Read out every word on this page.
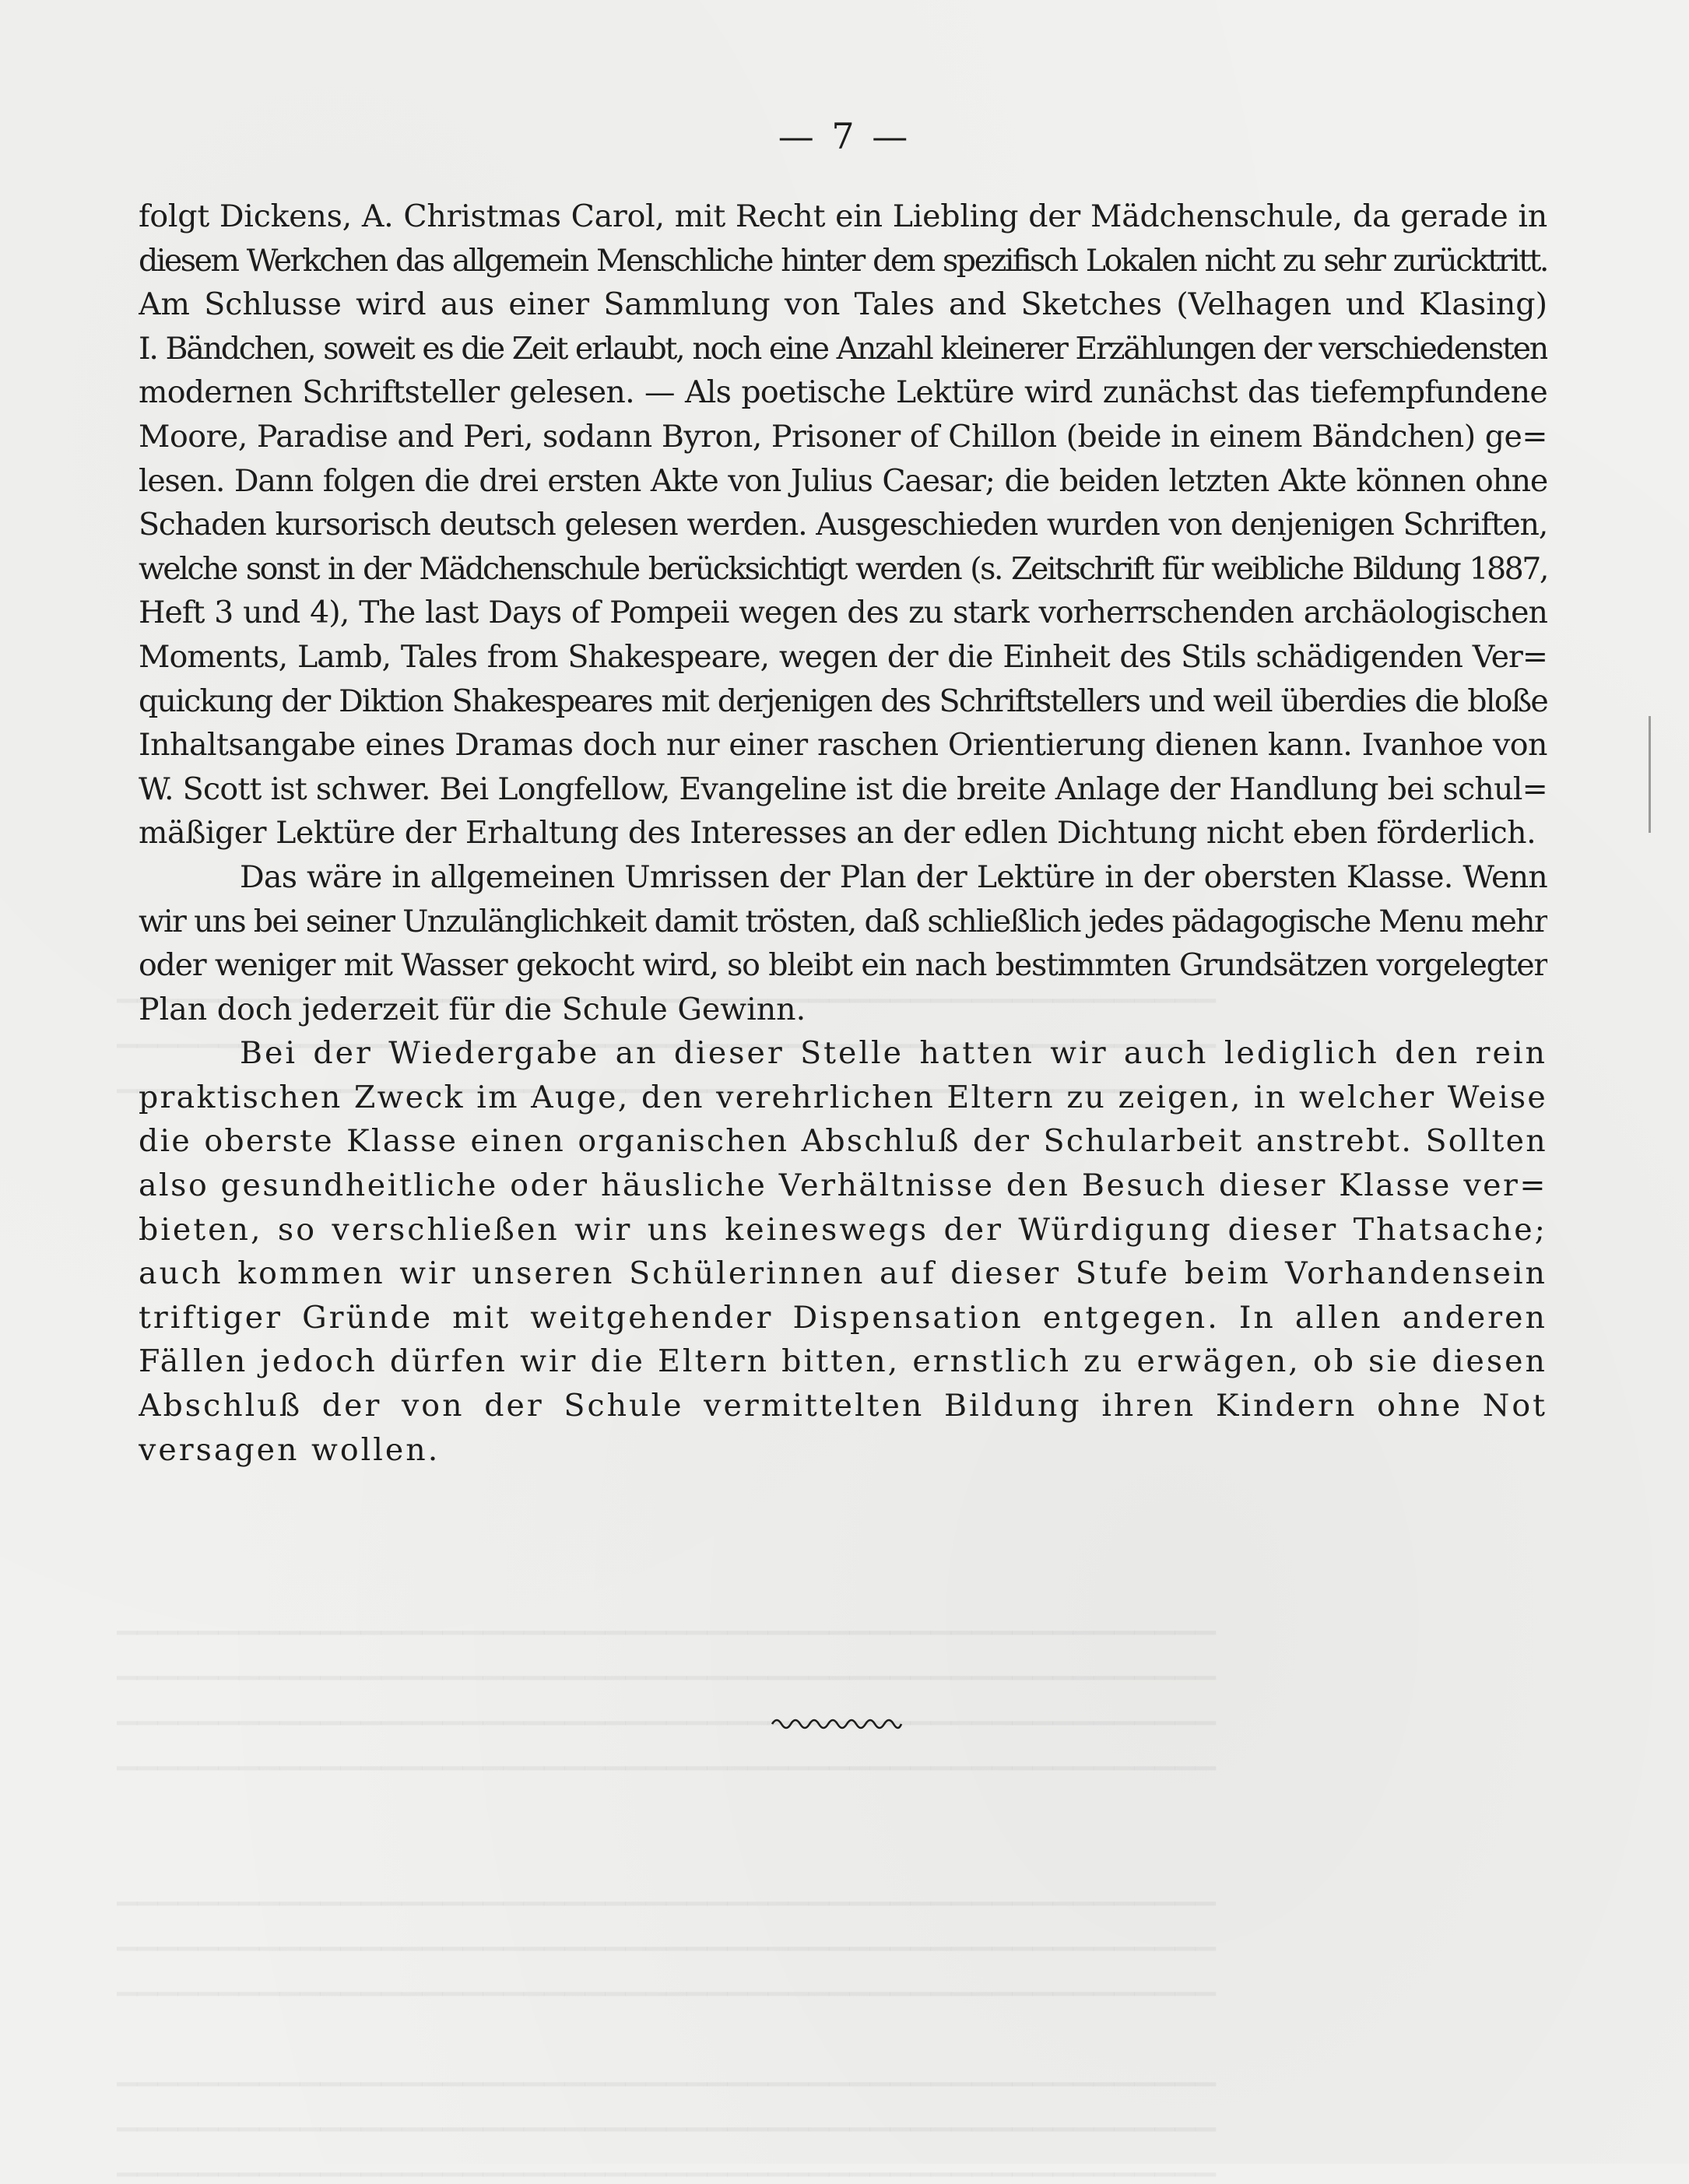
— 7 —
folgt Dickens, A. Christmas Carol, mit Recht ein Liebling der Mädchenschule, da gerade in
diesem Werkchen das allgemein Menschliche hinter dem spezifisch Lokalen nicht zu sehr zurücktritt.
Am Schlusse wird aus einer Sammlung von Tales and Sketches (Velhagen und Klasing)
I. Bändchen, soweit es die Zeit erlaubt, noch eine Anzahl kleinerer Erzählungen der verschiedensten
modernen Schriftsteller gelesen. — Als poetische Lektüre wird zunächst das tiefempfundene
Moore, Paradise and Peri, sodann Byron, Prisoner of Chillon (beide in einem Bändchen) ge=
lesen. Dann folgen die drei ersten Akte von Julius Caesar; die beiden letzten Akte können ohne
Schaden kursorisch deutsch gelesen werden. Ausgeschieden wurden von denjenigen Schriften,
welche sonst in der Mädchenschule berücksichtigt werden (s. Zeitschrift für weibliche Bildung 1887,
Heft 3 und 4), The last Days of Pompeii wegen des zu stark vorherrschenden archäologischen
Moments, Lamb, Tales from Shakespeare, wegen der die Einheit des Stils schädigenden Ver=
quickung der Diktion Shakespeares mit derjenigen des Schriftstellers und weil überdies die bloße
Inhaltsangabe eines Dramas doch nur einer raschen Orientierung dienen kann. Ivanhoe von
W. Scott ist schwer. Bei Longfellow, Evangeline ist die breite Anlage der Handlung bei schul=
mäßiger Lektüre der Erhaltung des Interesses an der edlen Dichtung nicht eben förderlich.
Das wäre in allgemeinen Umrissen der Plan der Lektüre in der obersten Klasse. Wenn
wir uns bei seiner Unzulänglichkeit damit trösten, daß schließlich jedes pädagogische Menu mehr
oder weniger mit Wasser gekocht wird, so bleibt ein nach bestimmten Grundsätzen vorgelegter
Plan doch jederzeit für die Schule Gewinn.
Bei der Wiedergabe an dieser Stelle hatten wir auch lediglich den rein
praktischen Zweck im Auge, den verehrlichen Eltern zu zeigen, in welcher Weise
die oberste Klasse einen organischen Abschluß der Schularbeit anstrebt. Sollten
also gesundheitliche oder häusliche Verhältnisse den Besuch dieser Klasse ver=
bieten, so verschließen wir uns keineswegs der Würdigung dieser Thatsache;
auch kommen wir unseren Schülerinnen auf dieser Stufe beim Vorhandensein
triftiger Gründe mit weitgehender Dispensation entgegen. In allen anderen
Fällen jedoch dürfen wir die Eltern bitten, ernstlich zu erwägen, ob sie diesen
Abschluß der von der Schule vermittelten Bildung ihren Kindern ohne Not
versagen wollen.
